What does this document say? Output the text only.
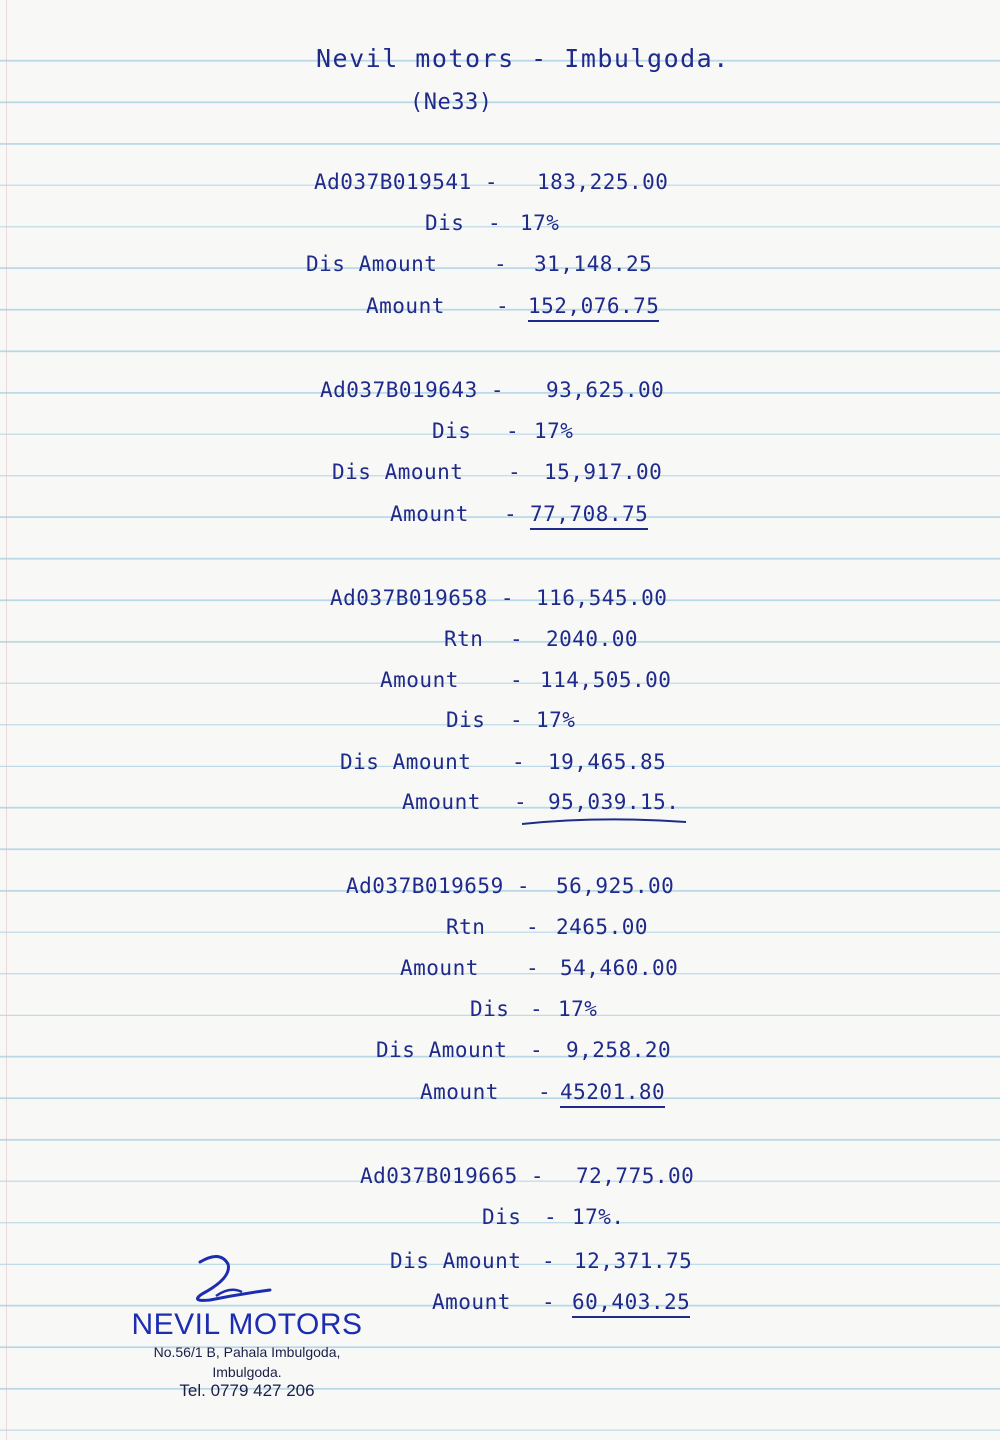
Nevil motors - Imbulgoda.
(Ne33)
Ad037B019541 - 183,225.00
Dis - 17%
Dis Amount	- 31,148.25
Amount - 152,076.75
Ad037B019643 - 93,625.00
Dis - 17%
Dis Amount - 15,917.00
Amount - 77,708.75
Ad037B019658 - 116,545.00
Rtn - 2040.00
Amount - 114,505.00
Dis - 17%
Dis Amount - 19,465.85
Amount - 95,039.15.
Ad037B019659 - 56,925.00
Rtn - 2465.00
Amount - 54,460.00
Dis - 17%
Dis Amount - 9,258.20
Amount - 45201.80
Ad037B019665 - 72,775.00
Dis - 17%.
Dis Amount - 12,371.75
Amount - 60,403.25
NEVIL MOTORS
No.56/1 B, Pahala Imbulgoda,
Imbulgoda.
Tel. 0779 427 206
